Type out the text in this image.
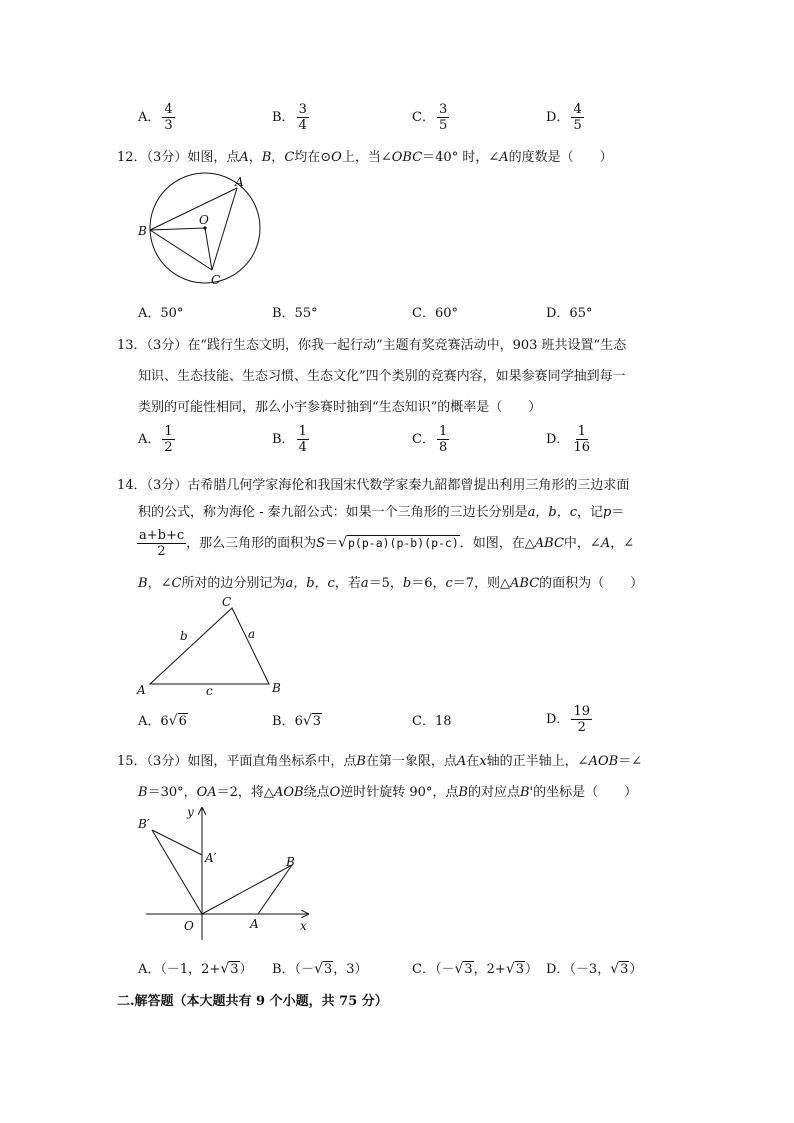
A． $\frac{4}{3}$	B． $\frac{3}{4}$	C． $\frac{3}{5}$	D． $\frac{4}{5}$
12．（3分）如图，点A，B，C均在⊙O上，当∠OBC＝40° 时，∠A的度数是（　　）
A
B
C
O
A．50°	B．55°	C．60°	D．65°
13．（3分）在“践行生态文明，你我一起行动”主题有奖竞赛活动中，903 班共设置“生态
知识、生态技能、生态习惯、生态文化”四个类别的竞赛内容，如果参赛同学抽到每一
类别的可能性相同，那么小宇参赛时抽到“生态知识”的概率是（　　）
A． $\frac{1}{2}$	B． $\frac{1}{4}$	C． $\frac{1}{8}$	D． $\frac{1}{16}$
14．（3分）古希腊几何学家海伦和我国宋代数学家秦九韶都曾提出利用三角形的三边求面
积的公式，称为海伦 - 秦九韶公式：如果一个三角形的三边长分别是a，b，c，记p＝
$\frac{a+b+c}{2}$ ，那么三角形的面积为S＝√p(p-a)(p-b)(p-c)．如图，在△ABC中，∠A，∠
B，∠C所对的边分别记为a，b，c，若a＝5，b＝6，c＝7，则△ABC的面积为（　　）
C
A	B
b	a
c
A．6√6	B．6√3	C．18	D． $\frac{19}{2}$
15．（3分）如图，平面直角坐标系中，点B在第一象限，点A在x轴的正半轴上，∠AOB＝∠
B＝30°，OA＝2，将△AOB绕点O逆时针旋转 90°，点B的对应点B'的坐标是（　　）
y
B′
A′	B
O	A	x
A．（－1，2+√3） B．（－√3，3）	C．（－√3，2+√3） D．（－3，√3）
二.解答题（本大题共有 9 个小题，共 75 分）
